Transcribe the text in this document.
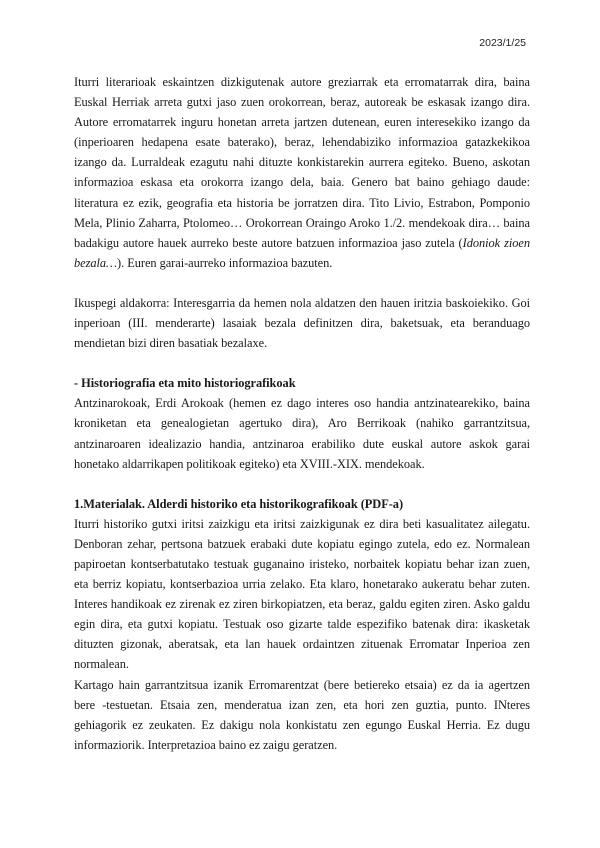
2023/1/25

Iturri literarioak eskaintzen dizkigutenak autore greziarrak eta erromatarrak dira, baina Euskal Herriak arreta gutxi jaso zuen orokorrean, beraz, autoreak be eskasak izango dira. Autore erromatarrek inguru honetan arreta jartzen dutenean, euren interesekiko izango da (inperioaren hedapena esate baterako), beraz, lehendabiziko informazioa gatazkekikoa izango da. Lurraldeak ezagutu nahi dituzte konkistarekin aurrera egiteko. Bueno, askotan informazioa eskasa eta orokorra izango dela, baia. Genero bat baino gehiago daude: literatura ez ezik, geografia eta historia be jorratzen dira. Tito Livio, Estrabon, Pomponio Mela, Plinio Zaharra, Ptolomeo… Orokorrean Oraingo Aroko 1./2. mendekoak dira… baina badakigu autore hauek aurreko beste autore batzuen informazioa jaso zutela (Idoniok zioen bezala…). Euren garai-aurreko informazioa bazuten.

Ikuspegi aldakorra: Interesgarria da hemen nola aldatzen den hauen iritzia baskoiekiko. Goi inperioan (III. menderarte) lasaiak bezala definitzen dira, baketsuak, eta beranduago mendietan bizi diren basatiak bezalaxe.

- Historiografia eta mito historiografikoak

Antzinarokoak, Erdi Arokoak (hemen ez dago interes oso handia antzinatearekiko, baina kroniketan eta genealogietan agertuko dira), Aro Berrikoak (nahiko garrantzitsua, antzinaroaren idealizazio handia, antzinaroa erabiliko dute euskal autore askok garai honetako aldarrikapen politikoak egiteko) eta XVIII.-XIX. mendekoak.

1.Materialak. Alderdi historiko eta historikografikoak (PDF-a)

Iturri historiko gutxi iritsi zaizkigu eta iritsi zaizkigunak ez dira beti kasualitatez ailegatu. Denboran zehar, pertsona batzuek erabaki dute kopiatu egingo zutela, edo ez. Normalean papiroetan kontserbatutako testuak guganaino iristeko, norbaitek kopiatu behar izan zuen, eta berriz kopiatu, kontserbazioa urria zelako. Eta klaro, honetarako aukeratu behar zuten. Interes handikoak ez zirenak ez ziren birkopiatzen, eta beraz, galdu egiten ziren. Asko galdu egin dira, eta gutxi kopiatu. Testuak oso gizarte talde espezifiko batenak dira: ikasketak dituzten gizonak, aberatsak, eta lan hauek ordaintzen zituenak Erromatar Inperioa zen normalean.

Kartago hain garrantzitsua izanik Erromarentzat (bere betiereko etsaia) ez da ia agertzen bere -testuetan. Etsaia zen, menderatua izan zen, eta hori zen guztia, punto. INteres gehiagorik ez zeukaten. Ez dakigu nola konkistatu zen egungo Euskal Herria. Ez dugu informaziorik. Interpretazioa baino ez zaigu geratzen.
